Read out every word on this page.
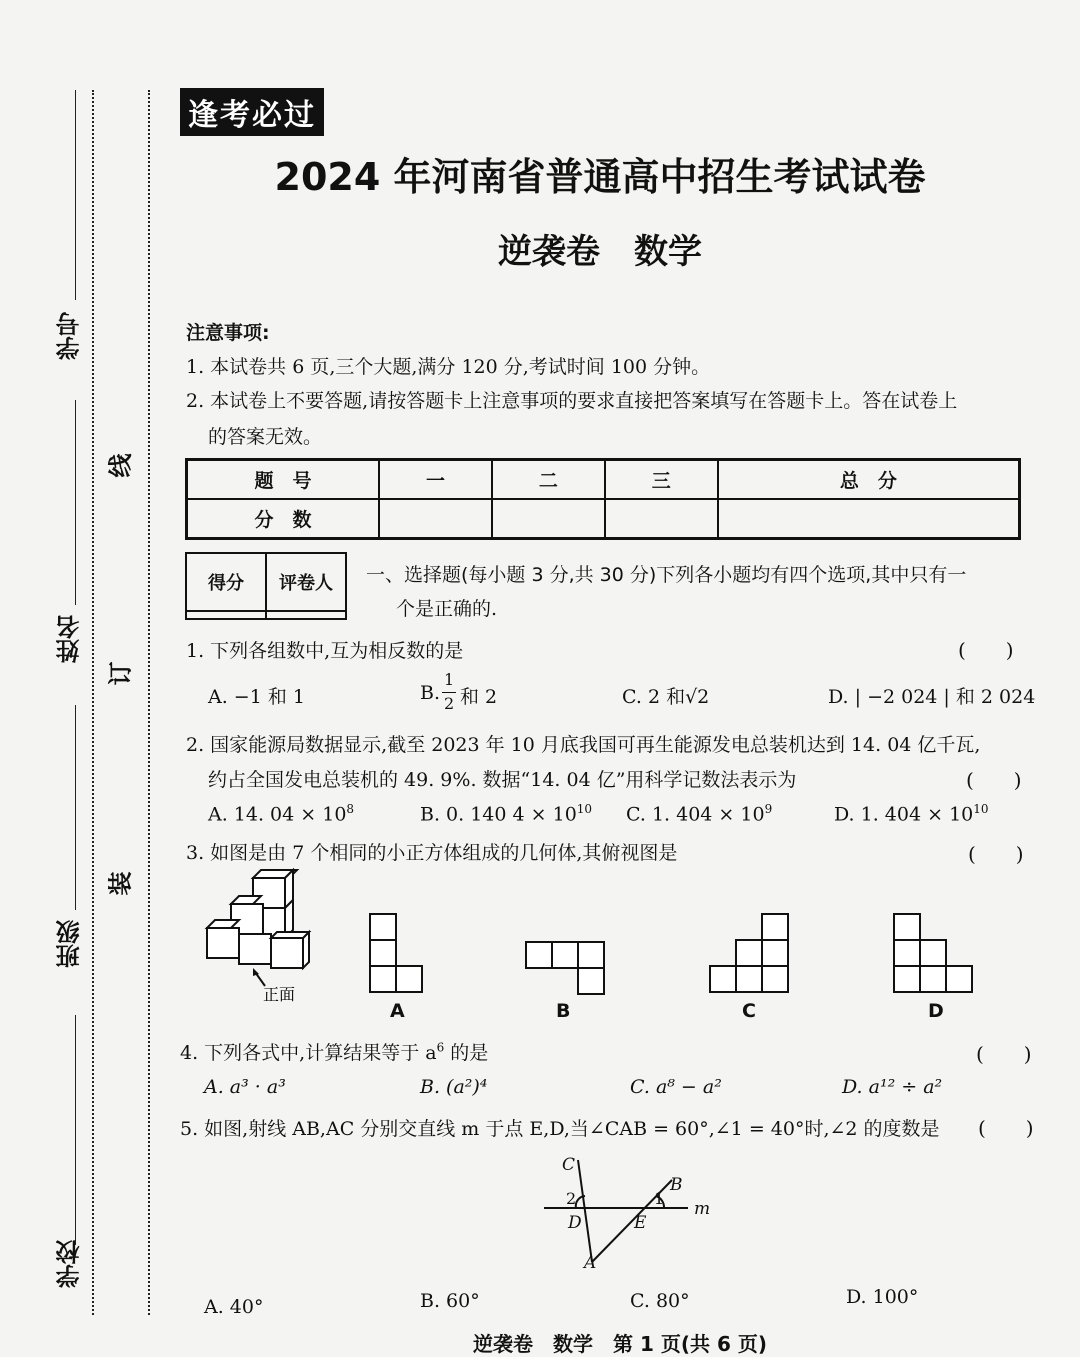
学号
姓名
班级
学校
线
订
装
逢考必过
2024 年河南省普通高中招生考试试卷
逆袭卷　数学
注意事项:
1. 本试卷共 6 页,三个大题,满分 120 分,考试时间 100 分钟。
2. 本试卷上不要答题,请按答题卡上注意事项的要求直接把答案填写在答题卡上。答在试卷上
的答案无效。
题　号	一	二	三	总　分
分　数				
得分	评卷人
	一、选择题(每小题 3 分,共 30 分)下列各小题均有四个选项,其中只有一
个是正确的.
1. 下列各组数中,互为相反数的是	(　　)
A. −1 和 1	B.
1
2 和 2	C. 2 和√2	D. | −2 024 | 和 2 024
2. 国家能源局数据显示,截至 2023 年 10 月底我国可再生能源发电总装机达到 14. 04 亿千瓦,
约占全国发电总装机的 49. 9%. 数据“14. 04 亿”用科学记数法表示为	(　　)
A. 14. $04 \times 10^8$	B. 0. 140 $4 \times 10^{10}$ C. 1. $404 \times 10^9$	D. 1. $404 \times 10^{10}$
3. 如图是由 7 个相同的小正方体组成的几何体,其俯视图是	(　　)
正面
A	B	C	D
4. 下列各式中,计算结果等于 $a^6$ 的是	(　　)
A. a³ · a³	B. (a²)⁴	C. a⁸ − a²	D. a¹² ÷ a²
5. 如图,射线 AB,AC 分别交直线 m 于点 E,D,当∠CAB = 60°,∠1 = 40°时,∠2 的度数是 (　　)
C
B
m
D	E
A
1
2
A. 40°	B. 60°	C. 80°	D. 100°
逆袭卷　数学　第 1 页(共 6 页)
